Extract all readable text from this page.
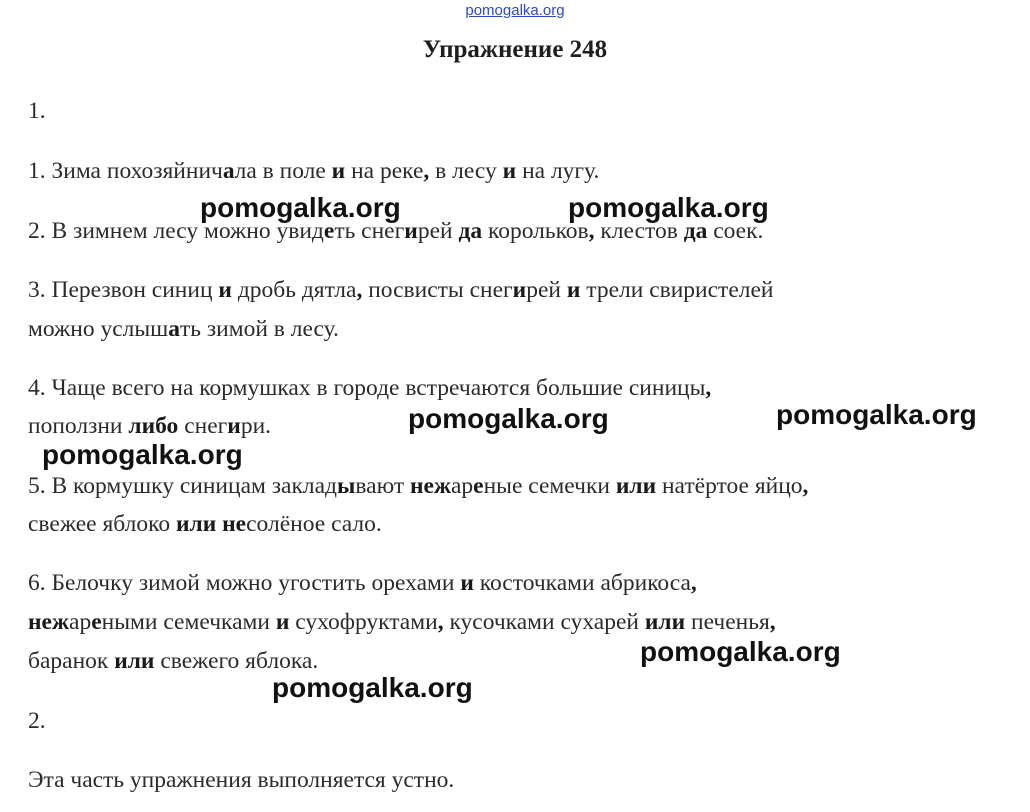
pomogalka.org
Упражнение 248
1.
1. Зима похозяйничала в поле и на реке, в лесу и на лугу.
2. В зимнем лесу можно увидеть снегирей да корольков, клестов да соек.
3. Перезвон синиц и дробь дятла, посвисты снегирей и трели свиристелей
можно услышать зимой в лесу.
4. Чаще всего на кормушках в городе встречаются большие синицы,
поползни либо снегири.
5. В кормушку синицам закладывают нежареные семечки или натёртое яйцо,
свежее яблоко или несолёное сало.
6. Белочку зимой можно угостить орехами и косточками абрикоса,
нежареными семечками и сухофруктами, кусочками сухарей или печенья,
баранок или свежего яблока.
2.
Эта часть упражнения выполняется устно.
pomogalka.org	pomogalka.org
pomogalka.org	pomogalka.org
pomogalka.org
pomogalka.org
pomogalka.org
